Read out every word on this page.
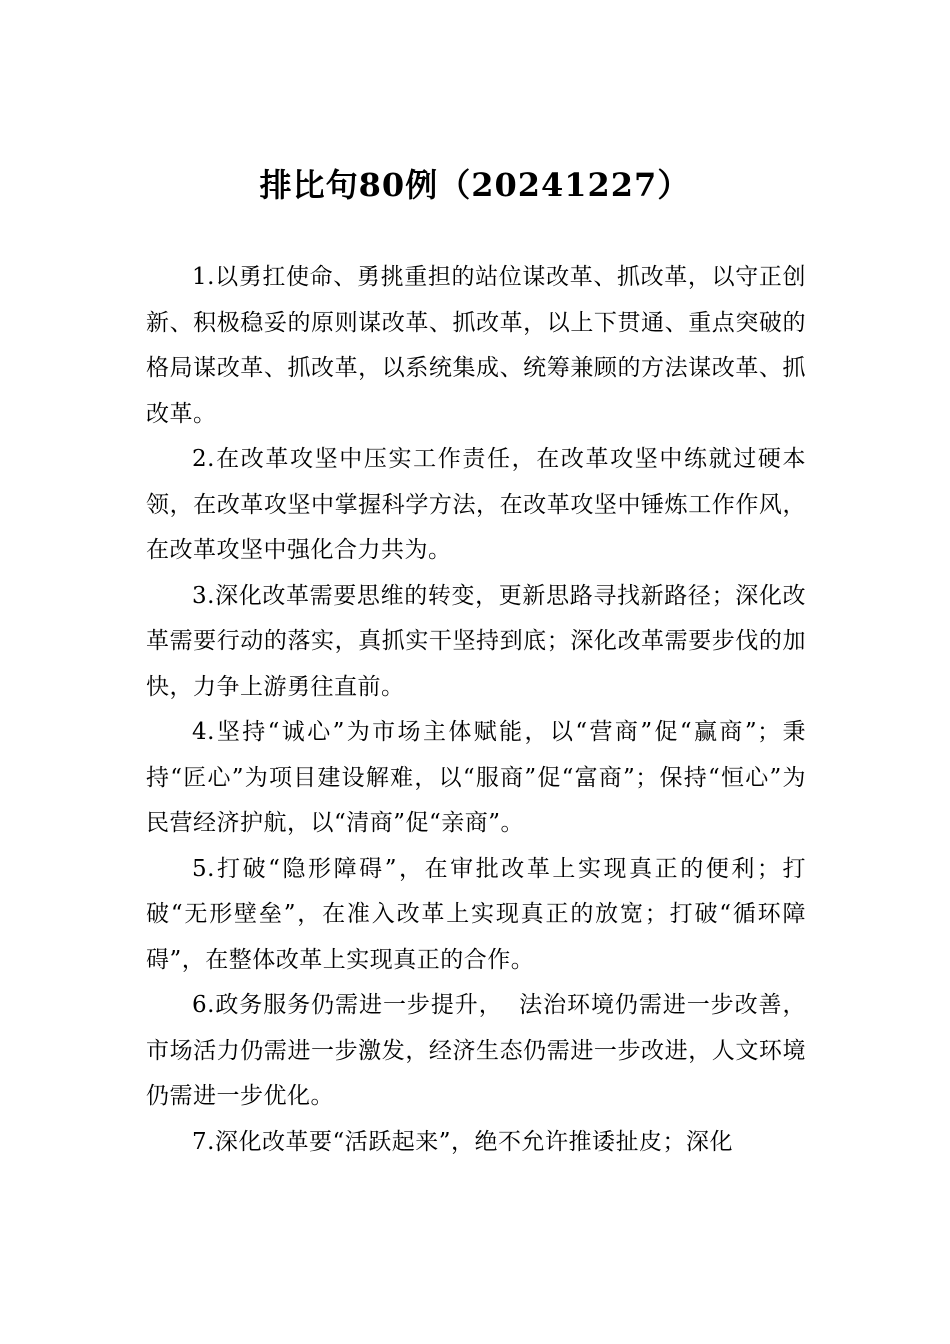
排比句80例（20241227）

1.以勇扛使命、勇挑重担的站位谋改革、抓改革，以守正创新、积极稳妥的原则谋改革、抓改革，以上下贯通、重点突破的格局谋改革、抓改革，以系统集成、统筹兼顾的方法谋改革、抓改革。

2.在改革攻坚中压实工作责任，在改革攻坚中练就过硬本领，在改革攻坚中掌握科学方法，在改革攻坚中锤炼工作作风，在改革攻坚中强化合力共为。

3.深化改革需要思维的转变，更新思路寻找新路径；深化改革需要行动的落实，真抓实干坚持到底；深化改革需要步伐的加快，力争上游勇往直前。

4.坚持“诚心”为市场主体赋能，以“营商”促“赢商”；秉持“匠心”为项目建设解难，以“服商”促“富商”；保持“恒心”为民营经济护航，以“清商”促“亲商”。

5.打破“隐形障碍”，在审批改革上实现真正的便利；打破“无形壁垒”，在准入改革上实现真正的放宽；打破“循环障碍”，在整体改革上实现真正的合作。

6.政务服务仍需进一步提升，  法治环境仍需进一步改善，市场活力仍需进一步激发，经济生态仍需进一步改进，人文环境仍需进一步优化。

7.深化改革要“活跃起来”，绝不允许推诿扯皮；深化
